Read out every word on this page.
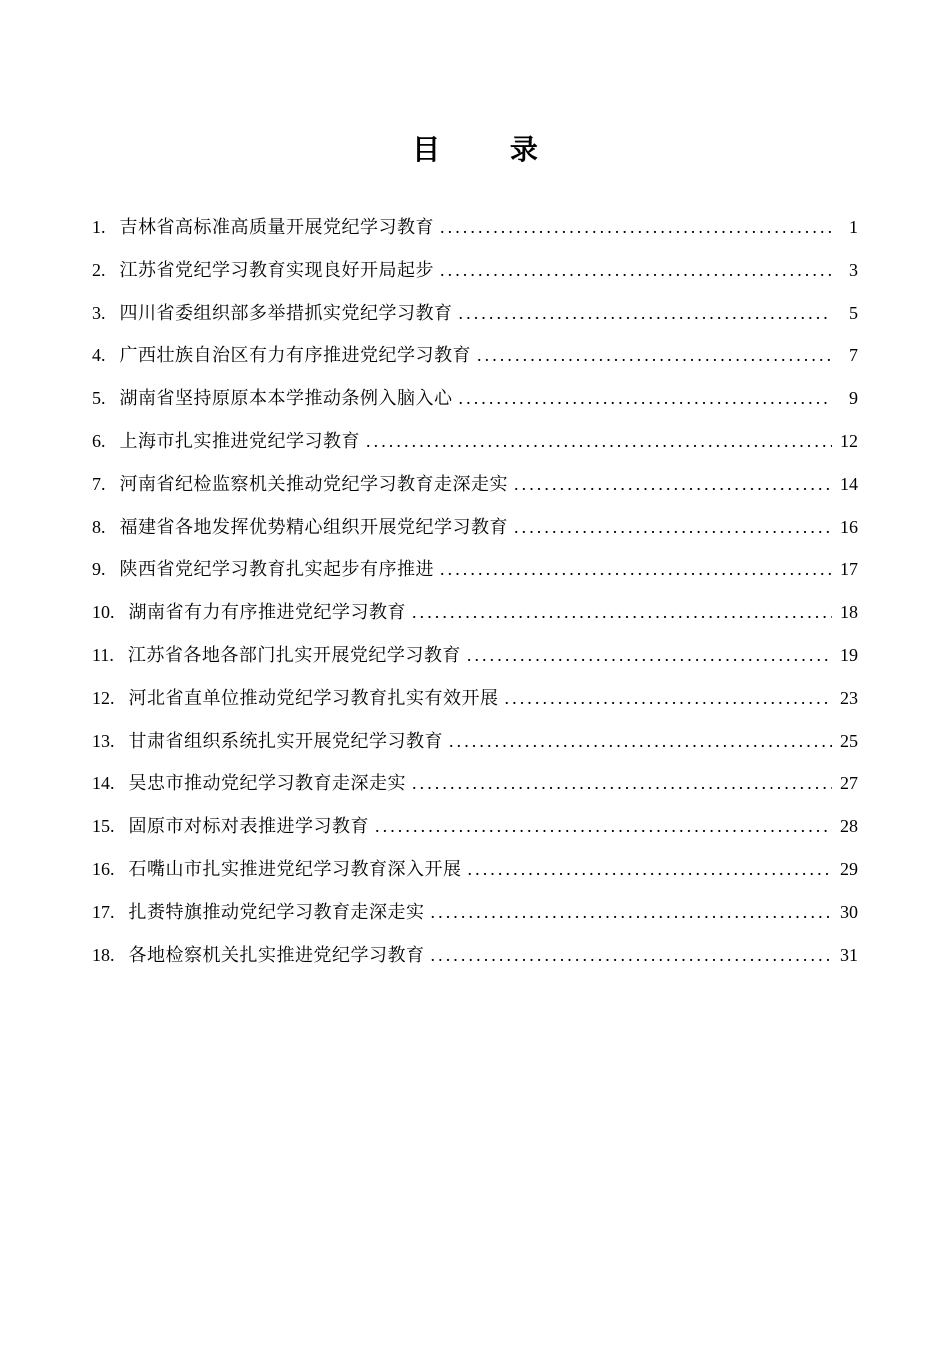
目 录
1. 吉林省高标准高质量开展党纪学习教育 .....	1
2. 江苏省党纪学习教育实现良好开局起步 .....	3
3. 四川省委组织部多举措抓实党纪学习教育 .....	5
4. 广西壮族自治区有力有序推进党纪学习教育 .....	7
5. 湖南省坚持原原本本学推动条例入脑入心 .....	9
6. 上海市扎实推进党纪学习教育 .....	12
7. 河南省纪检监察机关推动党纪学习教育走深走实 .....	14
8. 福建省各地发挥优势精心组织开展党纪学习教育 .....	16
9. 陕西省党纪学习教育扎实起步有序推进 .....	17
10. 湖南省有力有序推进党纪学习教育 .....	18
11. 江苏省各地各部门扎实开展党纪学习教育 .....	19
12. 河北省直单位推动党纪学习教育扎实有效开展 .....	23
13. 甘肃省组织系统扎实开展党纪学习教育 .....	25
14. 吴忠市推动党纪学习教育走深走实 .....	27
15. 固原市对标对表推进学习教育 .....	28
16. 石嘴山市扎实推进党纪学习教育深入开展 .....	29
17. 扎赉特旗推动党纪学习教育走深走实 .....	30
18. 各地检察机关扎实推进党纪学习教育 .....	31
